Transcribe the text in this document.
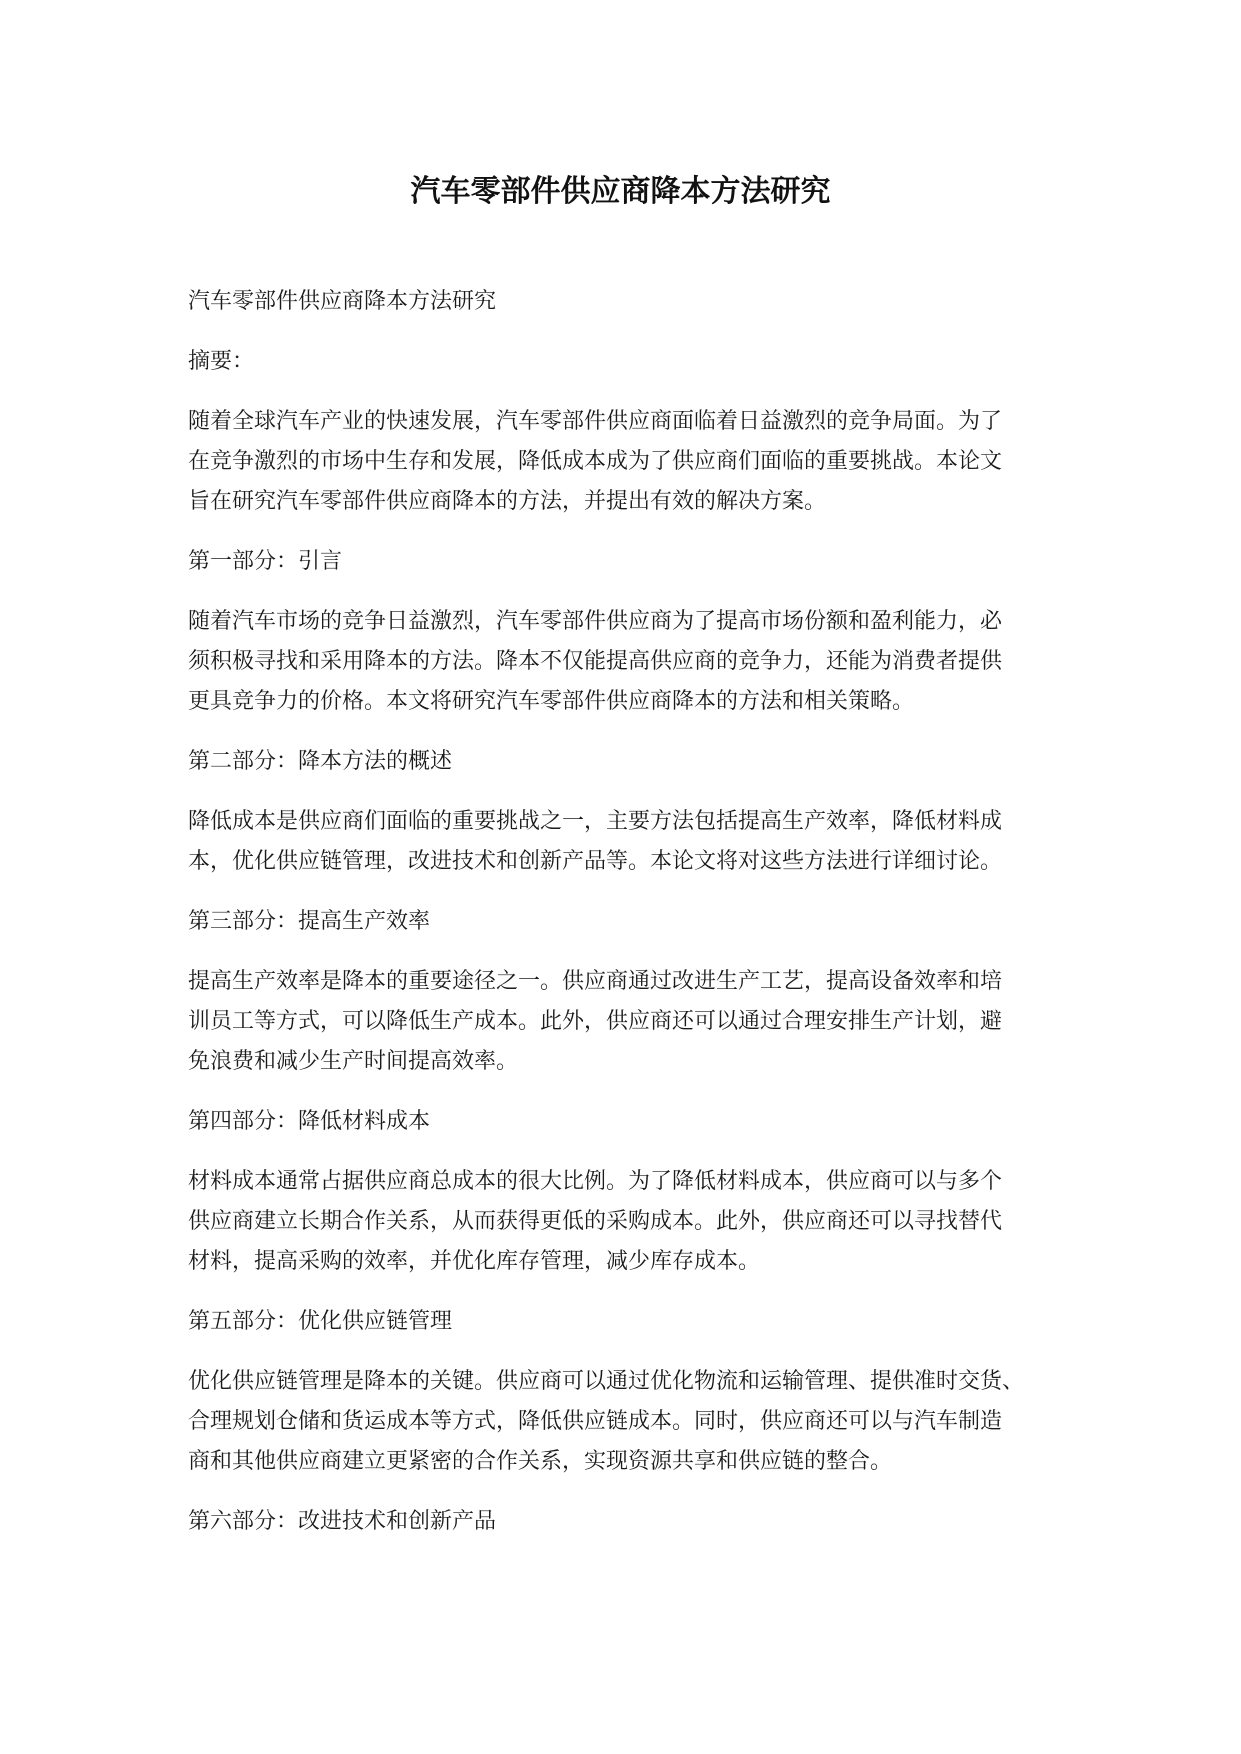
汽车零部件供应商降本方法研究

汽车零部件供应商降本方法研究

摘要：

随着全球汽车产业的快速发展，汽车零部件供应商面临着日益激烈的竞争局面。为了
在竞争激烈的市场中生存和发展，降低成本成为了供应商们面临的重要挑战。本论文
旨在研究汽车零部件供应商降本的方法，并提出有效的解决方案。

第一部分：引言

随着汽车市场的竞争日益激烈，汽车零部件供应商为了提高市场份额和盈利能力，必
须积极寻找和采用降本的方法。降本不仅能提高供应商的竞争力，还能为消费者提供
更具竞争力的价格。本文将研究汽车零部件供应商降本的方法和相关策略。

第二部分：降本方法的概述

降低成本是供应商们面临的重要挑战之一，主要方法包括提高生产效率，降低材料成
本，优化供应链管理，改进技术和创新产品等。本论文将对这些方法进行详细讨论。

第三部分：提高生产效率

提高生产效率是降本的重要途径之一。供应商通过改进生产工艺，提高设备效率和培
训员工等方式，可以降低生产成本。此外，供应商还可以通过合理安排生产计划，避
免浪费和减少生产时间提高效率。

第四部分：降低材料成本

材料成本通常占据供应商总成本的很大比例。为了降低材料成本，供应商可以与多个
供应商建立长期合作关系，从而获得更低的采购成本。此外，供应商还可以寻找替代
材料，提高采购的效率，并优化库存管理，减少库存成本。

第五部分：优化供应链管理

优化供应链管理是降本的关键。供应商可以通过优化物流和运输管理、提供准时交货、
合理规划仓储和货运成本等方式，降低供应链成本。同时，供应商还可以与汽车制造
商和其他供应商建立更紧密的合作关系，实现资源共享和供应链的整合。

第六部分：改进技术和创新产品
